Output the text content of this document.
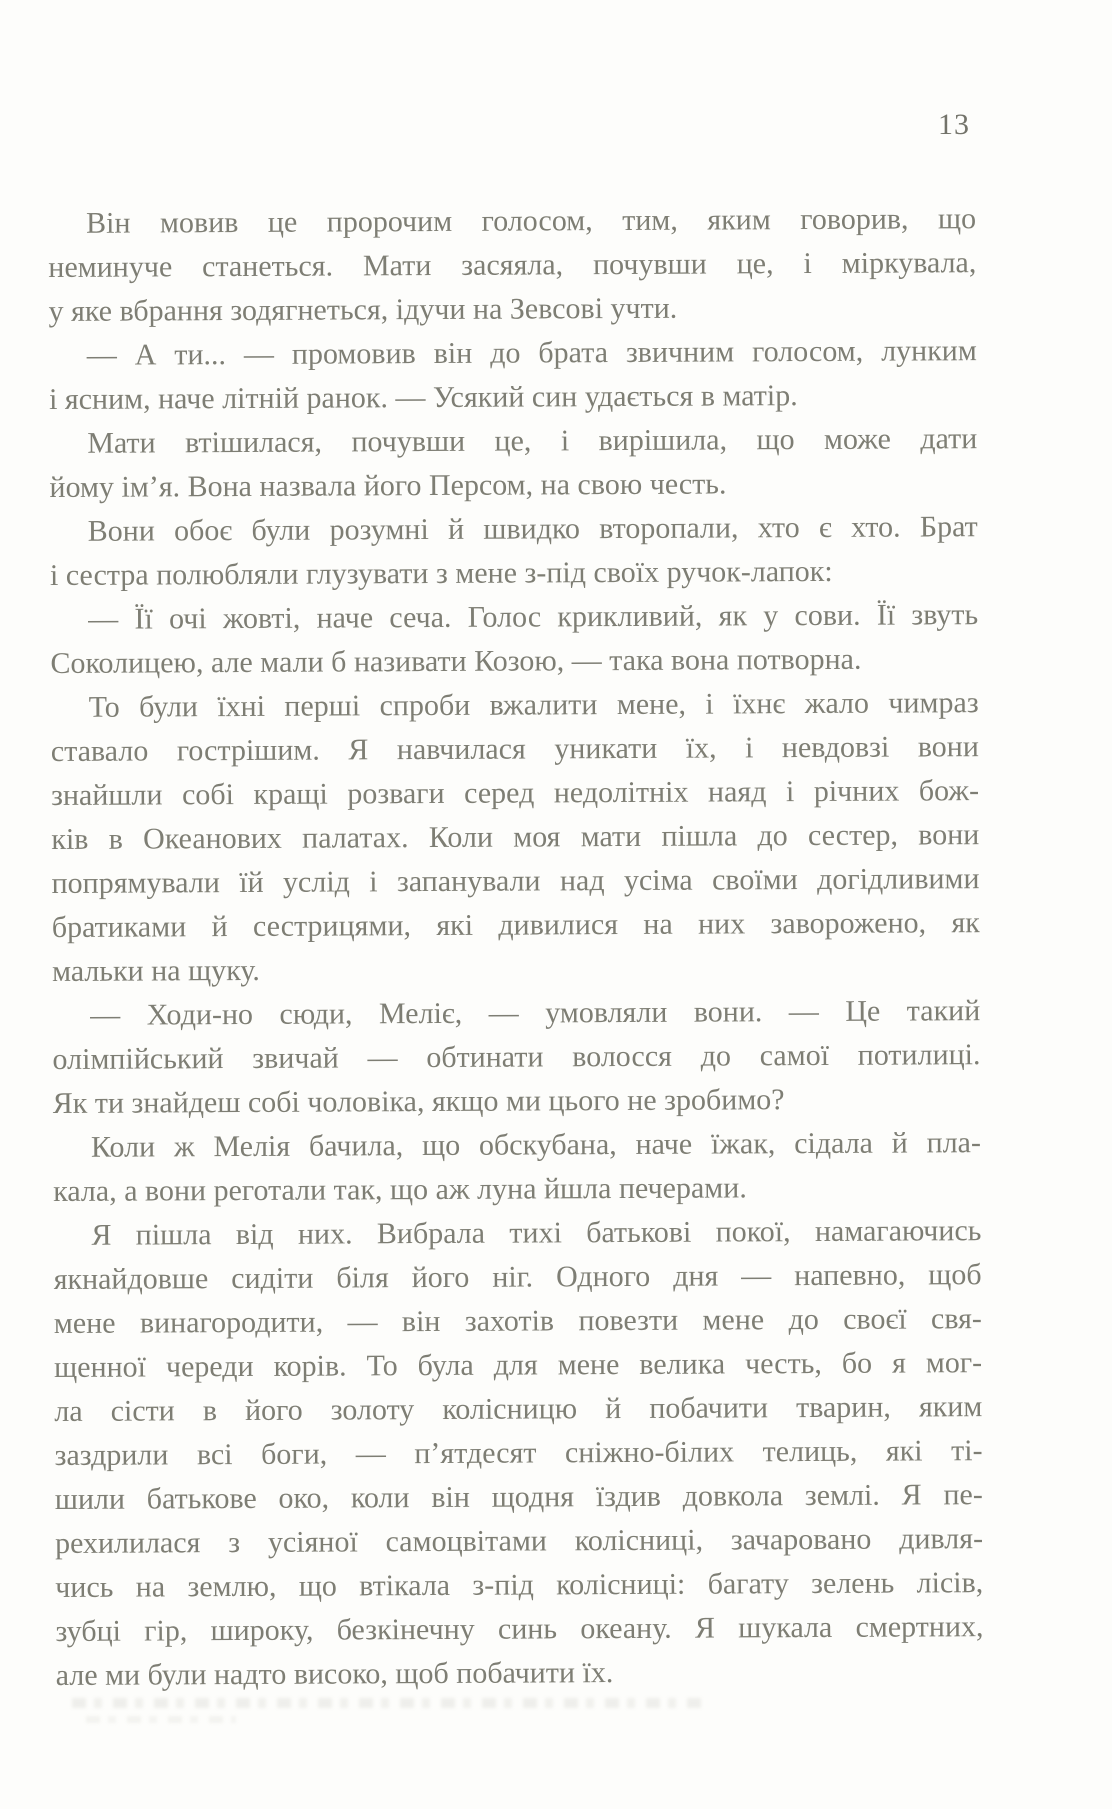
13
Він мовив це пророчим голосом, тим, яким говорив, що
неминуче станеться. Мати засяяла, почувши це, і міркувала,
у яке вбрання зодягнеться, ідучи на Зевсові учти.
— А ти... — промовив він до брата звичним голосом, лунким
і ясним, наче літній ранок. — Усякий син удається в матір.
Мати втішилася, почувши це, і вирішила, що може дати
йому ім’я. Вона назвала його Персом, на свою честь.
Вони обоє були розумні й швидко второпали, хто є хто. Брат
і сестра полюбляли глузувати з мене з-під своїх ручок-лапок:
— Її очі жовті, наче сеча. Голос крикливий, як у сови. Її звуть
Соколицею, але мали б називати Козою, — така вона потворна.
То були їхні перші спроби вжалити мене, і їхнє жало чимраз
ставало гострішим. Я навчилася уникати їх, і невдовзі вони
знайшли собі кращі розваги серед недолітніх наяд і річних бож-
ків в Океанових палатах. Коли моя мати пішла до сестер, вони
попрямували їй услід і запанували над усіма своїми догідливими
братиками й сестрицями, які дивилися на них заворожено, як
мальки на щуку.
— Ходи-но сюди, Меліє, — умовляли вони. — Це такий
олімпійський звичай — обтинати волосся до самої потилиці.
Як ти знайдеш собі чоловіка, якщо ми цього не зробимо?
Коли ж Мелія бачила, що обскубана, наче їжак, сідала й пла-
кала, а вони реготали так, що аж луна йшла печерами.
Я пішла від них. Вибрала тихі батькові покої, намагаючись
якнайдовше сидіти біля його ніг. Одного дня — напевно, щоб
мене винагородити, — він захотів повезти мене до своєї свя-
щенної череди корів. То була для мене велика честь, бо я мог-
ла сісти в його золоту колісницю й побачити тварин, яким
заздрили всі боги, — п’ятдесят сніжно-білих телиць, які ті-
шили батькове око, коли він щодня їздив довкола землі. Я пе-
рехилилася з усіяної самоцвітами колісниці, зачаровано дивля-
чись на землю, що втікала з-під колісниці: багату зелень лісів,
зубці гір, широку, безкінечну синь океану. Я шукала смертних,
але ми були надто високо, щоб побачити їх.
